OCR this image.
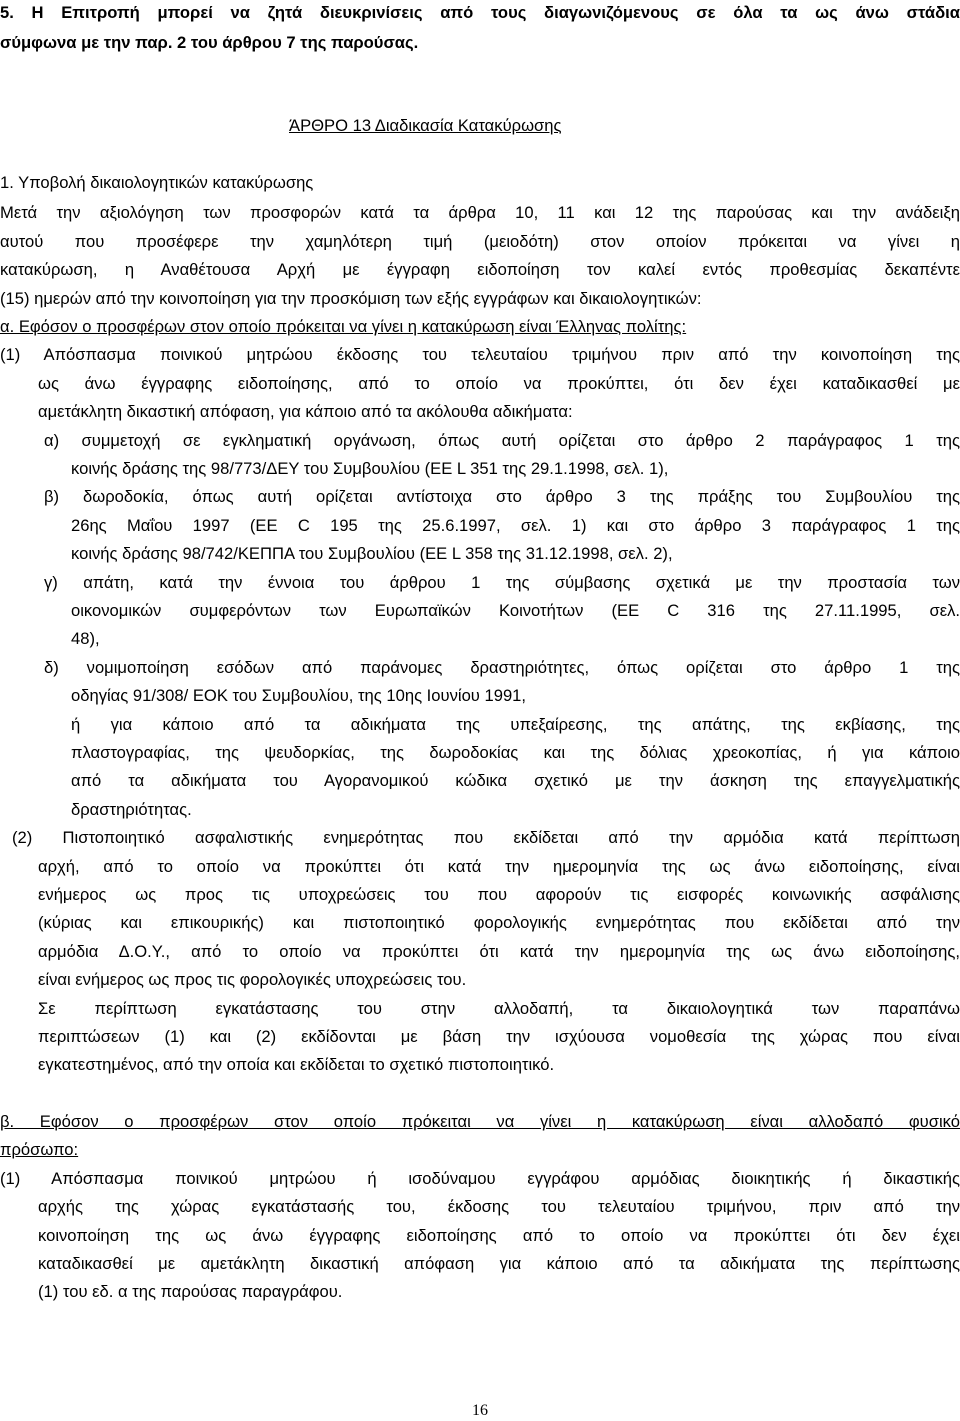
16
5. Η Επιτροπή μπορεί να ζητά διευκρινίσεις από τους διαγωνιζόμενους σε όλα τα ως άνω στάδια
σύμφωνα με την παρ. 2 του άρθρου 7 της παρούσας.
ΆΡΘΡΟ 13 Διαδικασία Κατακύρωσης
1. Υποβολή δικαιολογητικών κατακύρωσης
Μετά την αξιολόγηση των προσφορών κατά τα άρθρα 10, 11 και 12 της παρούσας και την ανάδειξη
αυτού που προσέφερε την χαμηλότερη τιμή (μειοδότη) στον οποίον πρόκειται να γίνει η
κατακύρωση, η Αναθέτουσα Αρχή με έγγραφη ειδοποίηση τον καλεί εντός προθεσμίας δεκαπέντε
(15) ημερών από την κοινοποίηση για την προσκόμιση των εξής εγγράφων και δικαιολογητικών:
α. Εφόσον ο προσφέρων στον οποίο πρόκειται να γίνει η κατακύρωση είναι Έλληνας πολίτης:
(1) Απόσπασμα ποινικού μητρώου έκδοσης του τελευταίου τριμήνου πριν από την κοινοποίηση της
ως άνω έγγραφης ειδοποίησης, από το οποίο να προκύπτει, ότι δεν έχει καταδικασθεί με
αμετάκλητη δικαστική απόφαση, για κάποιο από τα ακόλουθα αδικήματα:
α) συμμετοχή σε εγκληματική οργάνωση, όπως αυτή ορίζεται στο άρθρο 2 παράγραφος 1 της
κοινής δράσης της 98/773/ΔΕΥ του Συμβουλίου (ΕΕ L 351 της 29.1.1998, σελ. 1),
β) δωροδοκία, όπως αυτή ορίζεται αντίστοιχα στο άρθρο 3 της πράξης του Συμβουλίου της
26ης Μαΐου 1997 (ΕΕ C 195 της 25.6.1997, σελ. 1) και στο άρθρο 3 παράγραφος 1 της
κοινής δράσης 98/742/ΚΕΠΠΑ του Συμβουλίου (ΕΕ L 358 της 31.12.1998, σελ. 2),
γ) απάτη, κατά την έννοια του άρθρου 1 της σύμβασης σχετικά με την προστασία των
οικονομικών συμφερόντων των Ευρωπαϊκών Κοινοτήτων (ΕΕ C 316 της 27.11.1995, σελ.
48),
δ) νομιμοποίηση εσόδων από παράνομες δραστηριότητες, όπως ορίζεται στο άρθρο 1 της
οδηγίας 91/308/ ΕΟΚ του Συμβουλίου, της 10ης Ιουνίου 1991,
ή για κάποιο από τα αδικήματα της υπεξαίρεσης, της απάτης, της εκβίασης, της
πλαστογραφίας, της ψευδορκίας, της δωροδοκίας και της δόλιας χρεοκοπίας, ή για κάποιο
από τα αδικήματα του Αγορανομικού κώδικα σχετικό με την άσκηση της επαγγελματικής
δραστηριότητας.
(2) Πιστοποιητικό ασφαλιστικής ενημερότητας που εκδίδεται από την αρμόδια κατά περίπτωση
αρχή, από το οποίο να προκύπτει ότι κατά την ημερομηνία της ως άνω ειδοποίησης, είναι
ενήμερος ως προς τις υποχρεώσεις του που αφορούν τις εισφορές κοινωνικής ασφάλισης
(κύριας και επικουρικής) και πιστοποιητικό φορολογικής ενημερότητας που εκδίδεται από την
αρμόδια Δ.Ο.Υ., από το οποίο να προκύπτει ότι κατά την ημερομηνία της ως άνω ειδοποίησης,
είναι ενήμερος ως προς τις φορολογικές υποχρεώσεις του.
Σε περίπτωση εγκατάστασης του στην αλλοδαπή, τα δικαιολογητικά των παραπάνω
περιπτώσεων (1) και (2) εκδίδονται με βάση την ισχύουσα νομοθεσία της χώρας που είναι
εγκατεστημένος, από την οποία και εκδίδεται το σχετικό πιστοποιητικό.
β. Εφόσον ο προσφέρων στον οποίο πρόκειται να γίνει η κατακύρωση είναι αλλοδαπό φυσικό
πρόσωπο:
(1) Απόσπασμα ποινικού μητρώου ή ισοδύναμου εγγράφου αρμόδιας διοικητικής ή δικαστικής
αρχής της χώρας εγκατάστασής του, έκδοσης του τελευταίου τριμήνου, πριν από την
κοινοποίηση της ως άνω έγγραφης ειδοποίησης από το οποίο να προκύπτει ότι δεν έχει
καταδικασθεί με αμετάκλητη δικαστική απόφαση για κάποιο από τα αδικήματα της περίπτωσης
(1) του εδ. α της παρούσας παραγράφου.
